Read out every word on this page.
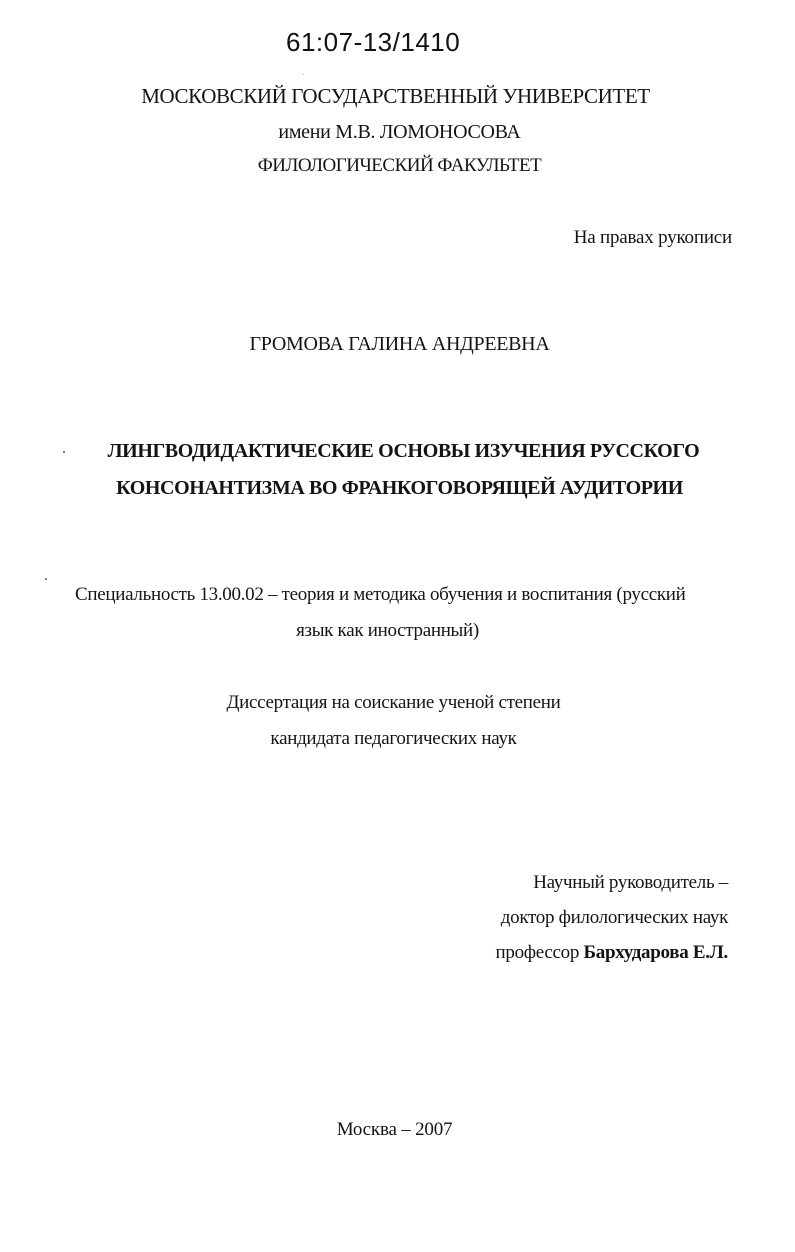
61:07-13/1410
МОСКОВСКИЙ ГОСУДАРСТВЕННЫЙ УНИВЕРСИТЕТ
имени М.В. ЛОМОНОСОВА
ФИЛОЛОГИЧЕСКИЙ ФАКУЛЬТЕТ
На правах рукописи
ГРОМОВА ГАЛИНА АНДРЕЕВНА
ЛИНГВОДИДАКТИЧЕСКИЕ ОСНОВЫ ИЗУЧЕНИЯ РУССКОГО
КОНСОНАНТИЗМА ВО ФРАНКОГОВОРЯЩЕЙ АУДИТОРИИ
Специальность 13.00.02 – теория и методика обучения и воспитания (русский
язык как иностранный)
Диссертация на соискание ученой степени
кандидата педагогических наук
Научный руководитель –
доктор филологических наук
профессор Бархударова Е.Л.
Москва – 2007
